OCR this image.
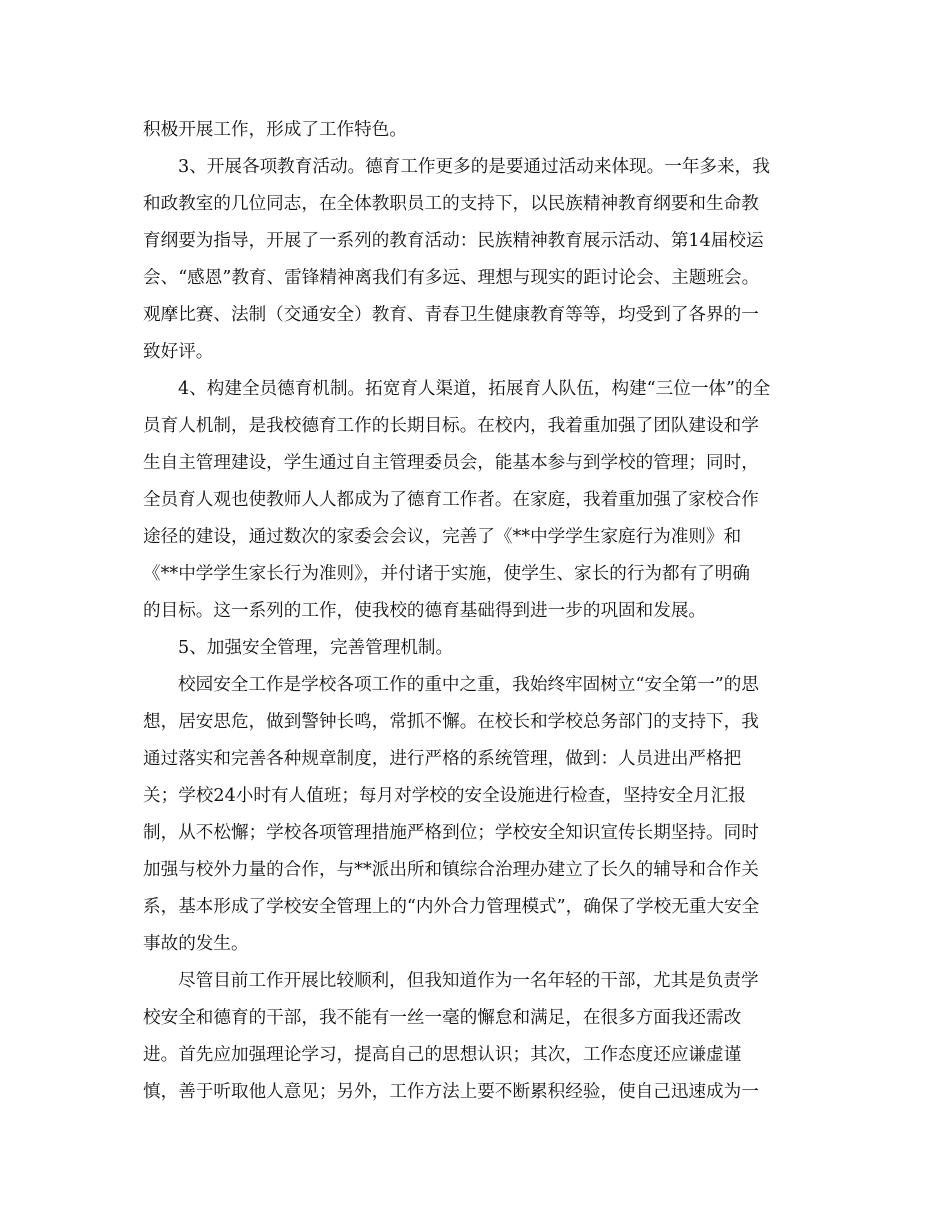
积极开展工作，形成了工作特色。
3、开展各项教育活动。德育工作更多的是要通过活动来体现。一年多来，我
和政教室的几位同志，在全体教职员工的支持下，以民族精神教育纲要和生命教
育纲要为指导，开展了一系列的教育活动：民族精神教育展示活动、第14届校运
会、“感恩”教育、雷锋精神离我们有多远、理想与现实的距讨论会、主题班会。
观摩比赛、法制（交通安全）教育、青春卫生健康教育等等，均受到了各界的一
致好评。
4、构建全员德育机制。拓宽育人渠道，拓展育人队伍，构建“三位一体”的全
员育人机制，是我校德育工作的长期目标。在校内，我着重加强了团队建设和学
生自主管理建设，学生通过自主管理委员会，能基本参与到学校的管理；同时，
全员育人观也使教师人人都成为了德育工作者。在家庭，我着重加强了家校合作
途径的建设，通过数次的家委会会议，完善了《**中学学生家庭行为准则》和
《**中学学生家长行为准则》，并付诸于实施，使学生、家长的行为都有了明确
的目标。这一系列的工作，使我校的德育基础得到进一步的巩固和发展。
5、加强安全管理，完善管理机制。
校园安全工作是学校各项工作的重中之重，我始终牢固树立“安全第一”的思
想，居安思危，做到警钟长鸣，常抓不懈。在校长和学校总务部门的支持下，我
通过落实和完善各种规章制度，进行严格的系统管理，做到：人员进出严格把
关；学校24小时有人值班；每月对学校的安全设施进行检查，坚持安全月汇报
制，从不松懈；学校各项管理措施严格到位；学校安全知识宣传长期坚持。同时
加强与校外力量的合作，与**派出所和镇综合治理办建立了长久的辅导和合作关
系，基本形成了学校安全管理上的“内外合力管理模式”，确保了学校无重大安全
事故的发生。
尽管目前工作开展比较顺利，但我知道作为一名年轻的干部，尤其是负责学
校安全和德育的干部，我不能有一丝一毫的懈怠和满足，在很多方面我还需改
进。首先应加强理论学习，提高自己的思想认识；其次，工作态度还应谦虚谨
慎，善于听取他人意见；另外，工作方法上要不断累积经验，使自己迅速成为一
